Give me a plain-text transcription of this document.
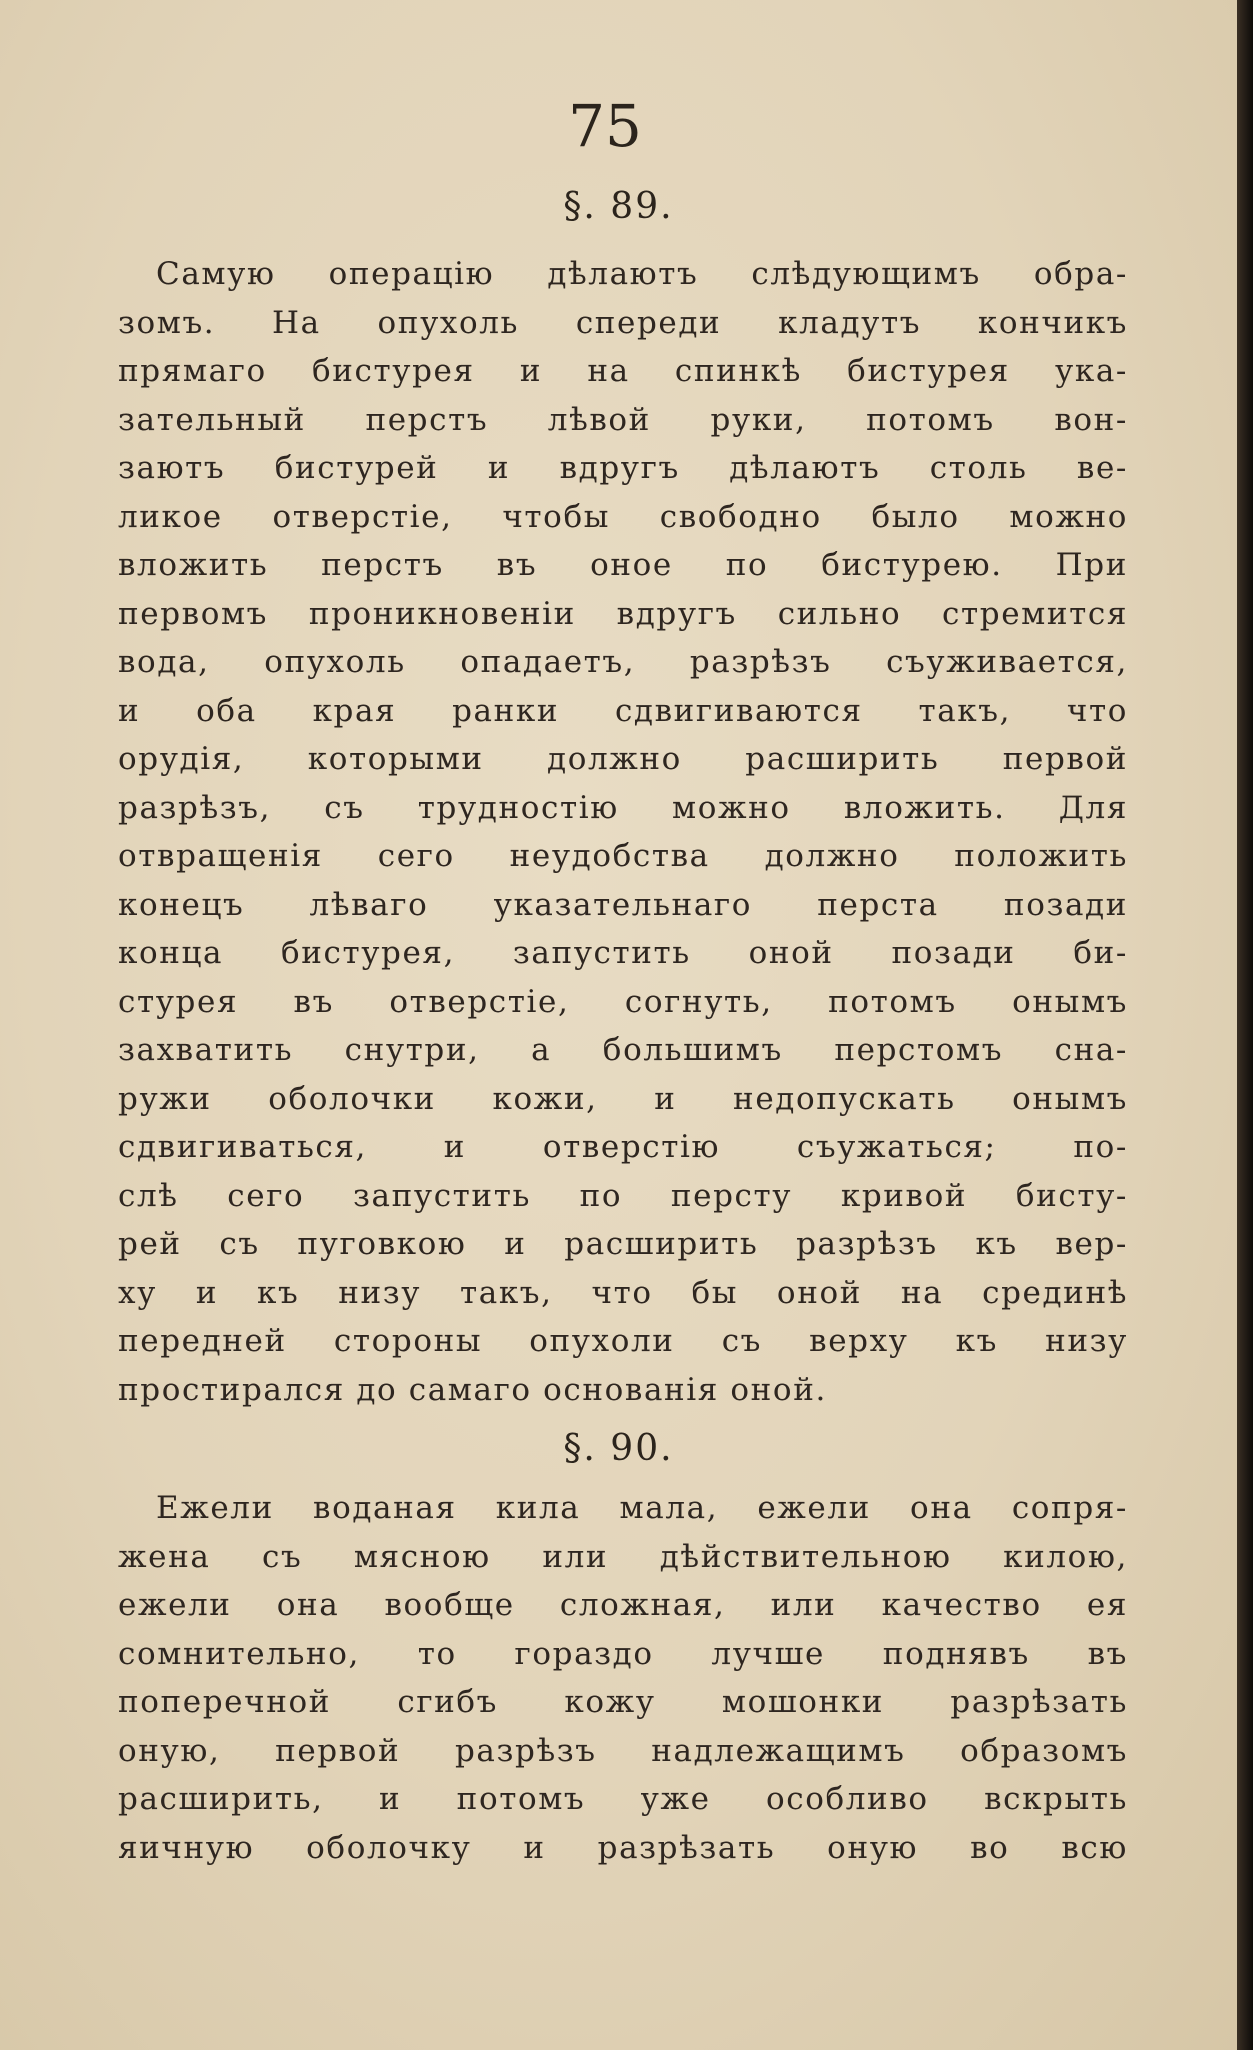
75
§. 89.
Самую операцію дѣлаютъ слѣдующимъ обра-
зомъ. На опухоль спереди кладутъ кончикъ
прямаго бистурея и на спинкѣ бистурея ука-
зательный перстъ лѣвой руки, потомъ вон-
заютъ бистурей и вдругъ дѣлаютъ столь ве-
ликое отверстіе, чтобы свободно было можно
вложить перстъ въ оное по бистурею. При
первомъ проникновеніи вдругъ сильно стремится
вода, опухоль опадаетъ, разрѣзъ съуживается,
и оба края ранки сдвигиваются такъ, что
орудія, которыми должно расширить первой
разрѣзъ, съ трудностію можно вложить. Для
отвращенія сего неудобства должно положить
конецъ лѣваго указательнаго перста позади
конца бистурея, запустить оной позади би-
стурея въ отверстіе, согнуть, потомъ онымъ
захватить снутри, а большимъ перстомъ сна-
ружи оболочки кожи, и недопускать онымъ
сдвигиваться, и отверстію съужаться; по-
слѣ сего запустить по персту кривой бисту-
рей съ пуговкою и расширить разрѣзъ къ вер-
ху и къ низу такъ, что бы оной на срединѣ
передней стороны опухоли съ верху къ низу
простирался до самаго основанія оной.
§. 90.
Ежели воданая кила мала, ежели она сопря-
жена съ мясною или дѣйствительною килою,
ежели она вообще сложная, или качество ея
сомнительно, то гораздо лучше поднявъ въ
поперечной сгибъ кожу мошонки разрѣзать
оную, первой разрѣзъ надлежащимъ образомъ
расширить, и потомъ уже особливо вскрыть
яичную оболочку и разрѣзать оную во всю
